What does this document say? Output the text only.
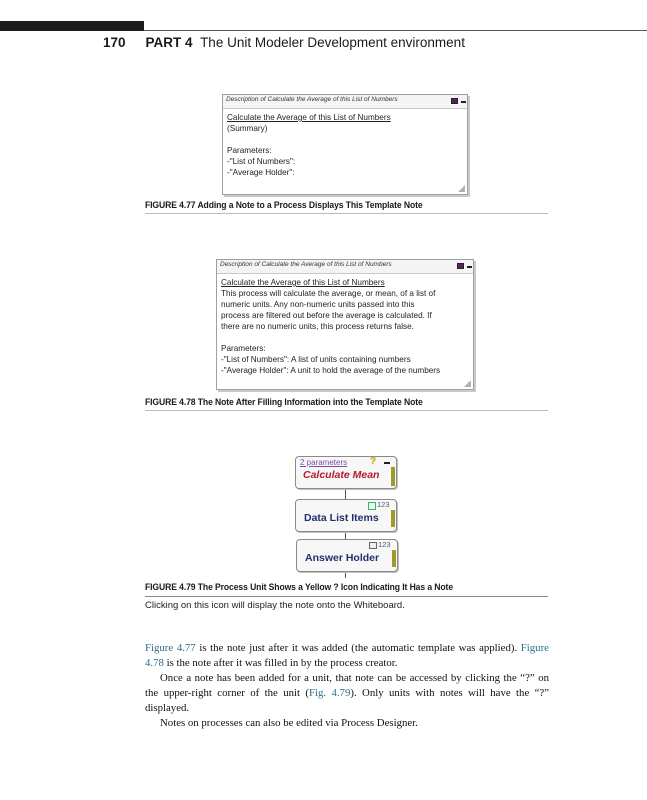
170 PART 4 The Unit Modeler Development environment
Description of Calculate the Average of this List of Numbers
Calculate the Average of this List of Numbers
(Summary)
Parameters:
-"List of Numbers":
-"Average Holder":
FIGURE 4.77 Adding a Note to a Process Displays This Template Note
Description of Calculate the Average of this List of Numbers
Calculate the Average of this List of Numbers
This process will calculate the average, or mean, of a list of
numeric units. Any non-numeric units passed into this
process are filtered out before the average is calculated. If
there are no numeric units, this process returns false.
Parameters:
-"List of Numbers": A list of units containing numbers
-"Average Holder": A unit to hold the average of the numbers
FIGURE 4.78 The Note After Filling Information into the Template Note
2 parameters ?
Calculate Mean
123
Data List Items
123
Answer Holder
FIGURE 4.79 The Process Unit Shows a Yellow ? Icon Indicating It Has a Note
Clicking on this icon will display the note onto the Whiteboard.

Figure 4.77 is the note just after it was added (the automatic template was applied). Figure 4.78 is the note after it was filled in by the process creator.

Once a note has been added for a unit, that note can be accessed by clicking the “?” on the upper-right corner of the unit (Fig. 4.79). Only units with notes will have the “?” displayed.

Notes on processes can also be edited via Process Designer.
